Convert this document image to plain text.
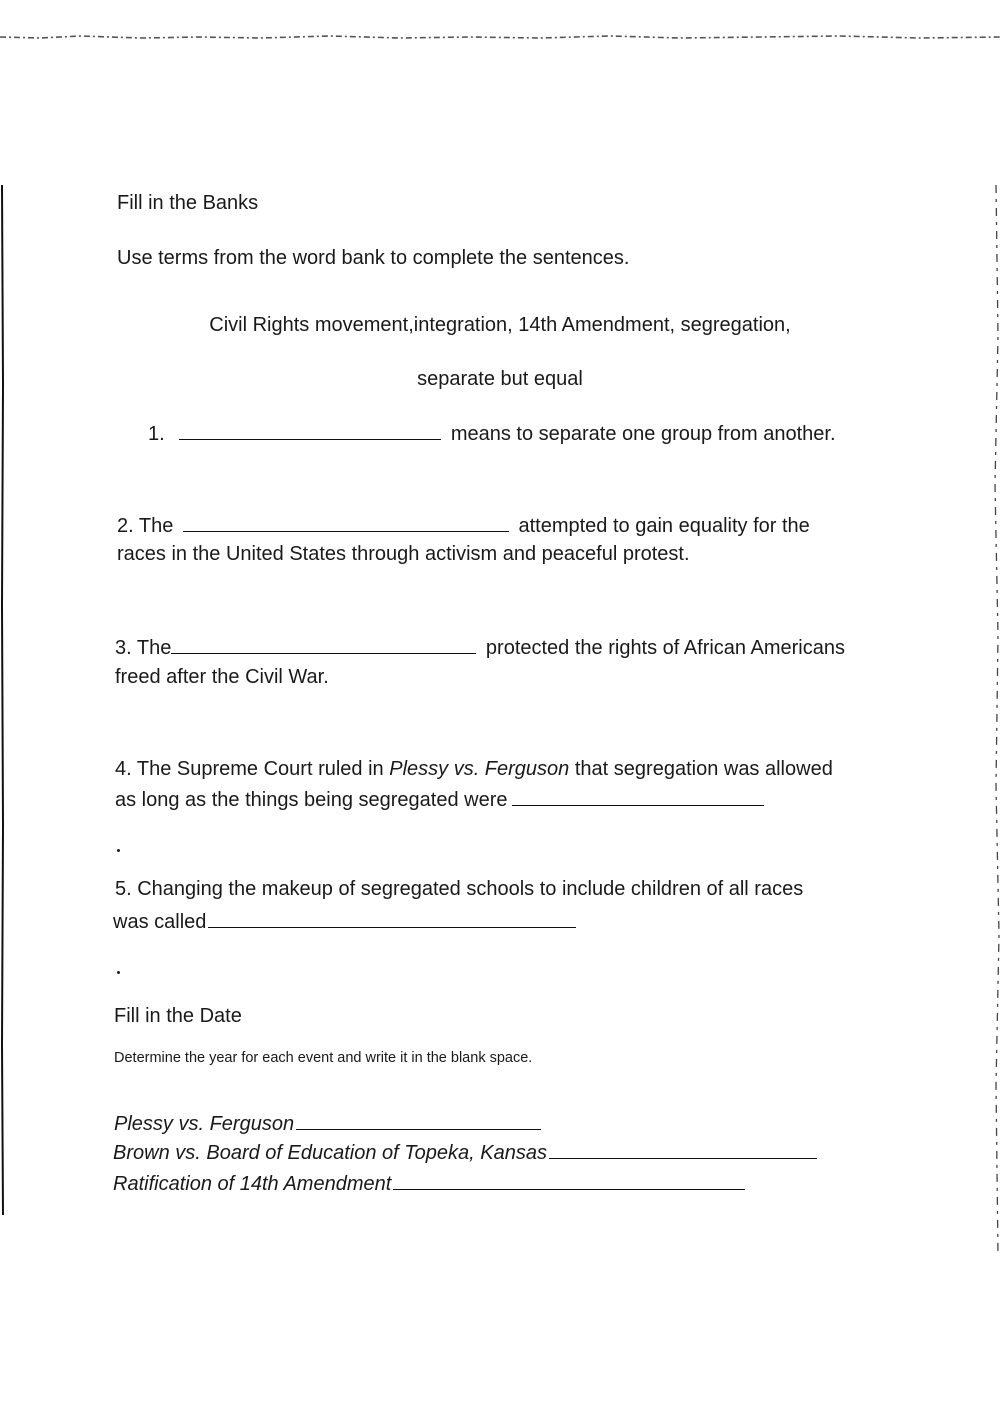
Fill in the Banks
Use terms from the word bank to complete the sentences.
Civil Rights movement,integration, 14th Amendment, segregation,
separate but equal
1.	means to separate one group from another.
2. The	attempted to gain equality for the
races in the United States through activism and peaceful protest.
3. The	protected the rights of African Americans
freed after the Civil War.
4. The Supreme Court ruled in Plessy vs. Ferguson that segregation was allowed
as long as the things being segregated were
5. Changing the makeup of segregated schools to include children of all races
was called
Fill in the Date
Determine the year for each event and write it in the blank space.
Plessy vs. Ferguson
Brown vs. Board of Education of Topeka, Kansas
Ratification of 14th Amendment
